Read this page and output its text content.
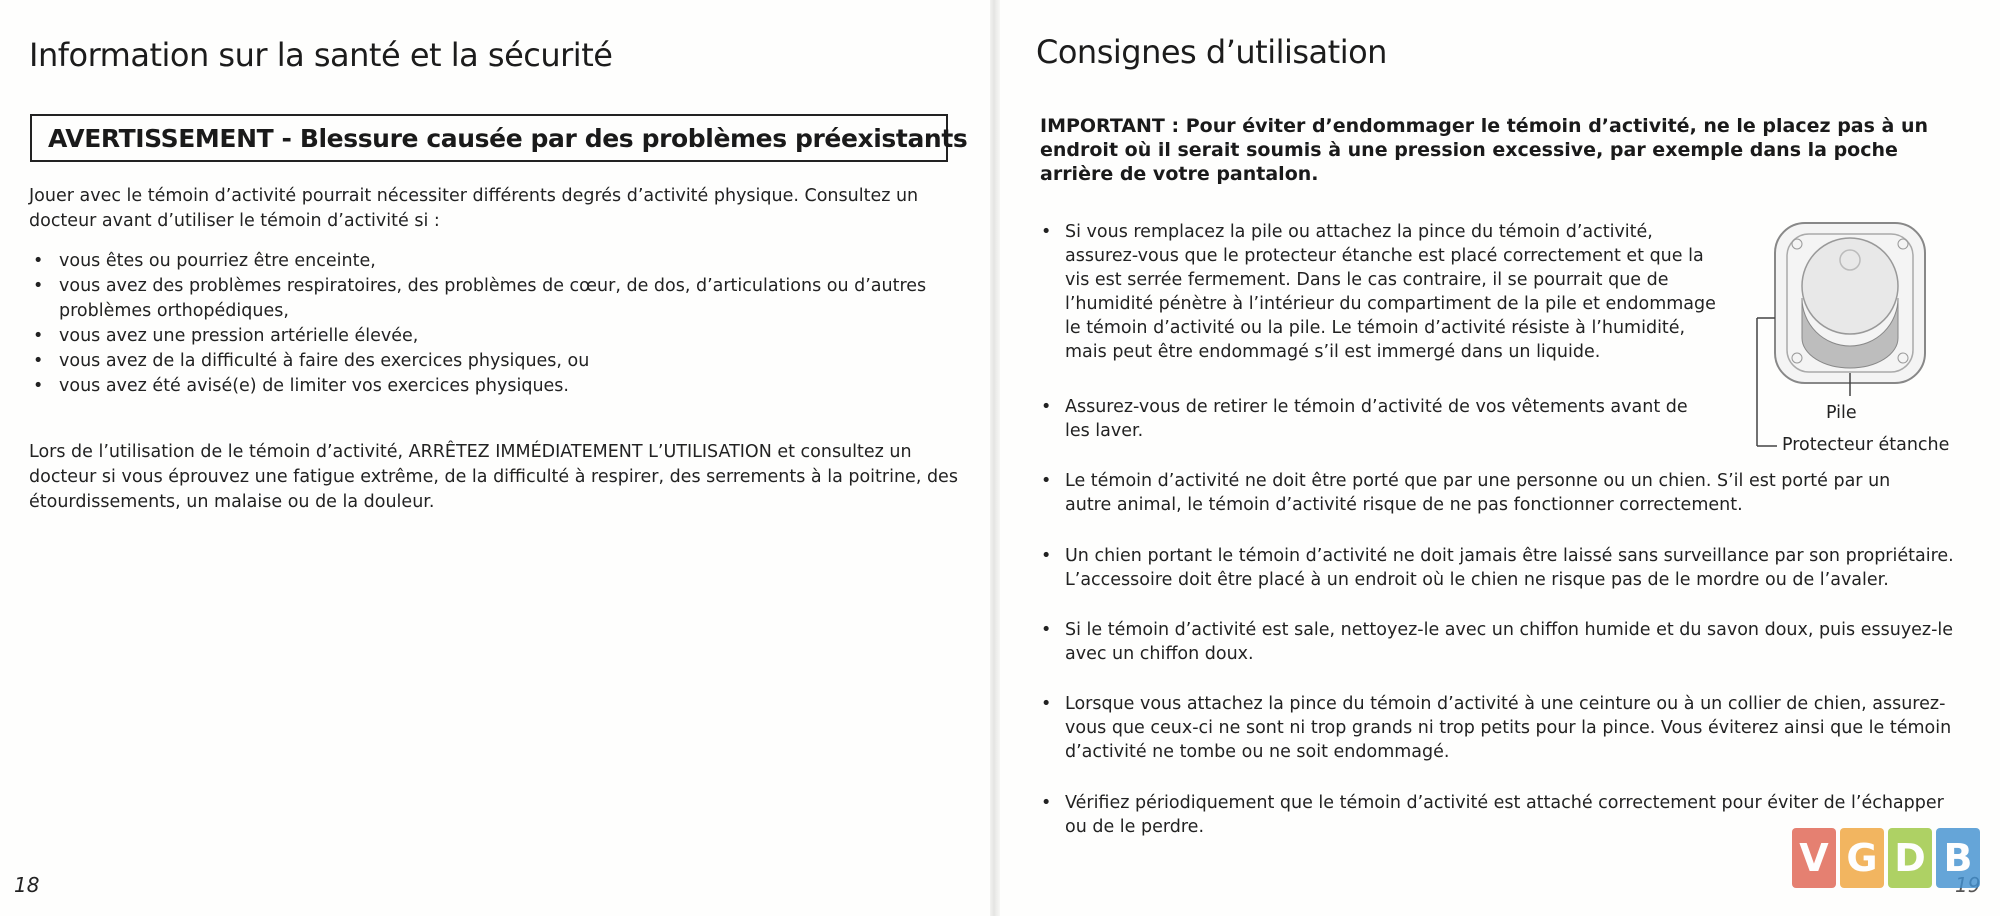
Information sur la santé et la sécurité
AVERTISSEMENT - Blessure causée par des problèmes préexistants

Jouer avec le témoin d’activité pourrait nécessiter différents degrés d’activité physique. Consultez un docteur avant d’utiliser le témoin d’activité si :

• vous êtes ou pourriez être enceinte,
• vous avez des problèmes respiratoires, des problèmes de cœur, de dos, d’articulations ou d’autres problèmes orthopédiques,
• vous avez une pression artérielle élevée,
• vous avez de la difficulté à faire des exercices physiques, ou
• vous avez été avisé(e) de limiter vos exercices physiques.

Lors de l’utilisation de le témoin d’activité, ARRÊTEZ IMMÉDIATEMENT L’UTILISATION et consultez un docteur si vous éprouvez une fatigue extrême, de la difficulté à respirer, des serrements à la poitrine, des étourdissements, un malaise ou de la douleur.

18
Consignes d’utilisation

IMPORTANT : Pour éviter d’endommager le témoin d’activité, ne le placez pas à un endroit où il serait soumis à une pression excessive, par exemple dans la poche arrière de votre pantalon.

• Si vous remplacez la pile ou attachez la pince du témoin d’activité, assurez-vous que le protecteur étanche est placé correctement et que la vis est serrée fermement. Dans le cas contraire, il se pourrait que de l’humidité pénètre à l’intérieur du compartiment de la pile et endommage le témoin d’activité ou la pile. Le témoin d’activité résiste à l’humidité, mais peut être endommagé s’il est immergé dans un liquide.
• Assurez-vous de retirer le témoin d’activité de vos vêtements avant de les laver.
• Le témoin d’activité ne doit être porté que par une personne ou un chien. S’il est porté par un autre animal, le témoin d’activité risque de ne pas fonctionner correctement.
• Un chien portant le témoin d’activité ne doit jamais être laissé sans surveillance par son propriétaire. L’accessoire doit être placé à un endroit où le chien ne risque pas de le mordre ou de l’avaler.
• Si le témoin d’activité est sale, nettoyez-le avec un chiffon humide et du savon doux, puis essuyez-le avec un chiffon doux.
• Lorsque vous attachez la pince du témoin d’activité à une ceinture ou à un collier de chien, assurez-vous que ceux-ci ne sont ni trop grands ni trop petits pour la pince. Vous éviterez ainsi que le témoin d’activité ne tombe ou ne soit endommagé.
• Vérifiez périodiquement que le témoin d’activité est attaché correctement pour éviter de l’échapper ou de le perdre.
Pile
Protecteur étanche
V G D B
